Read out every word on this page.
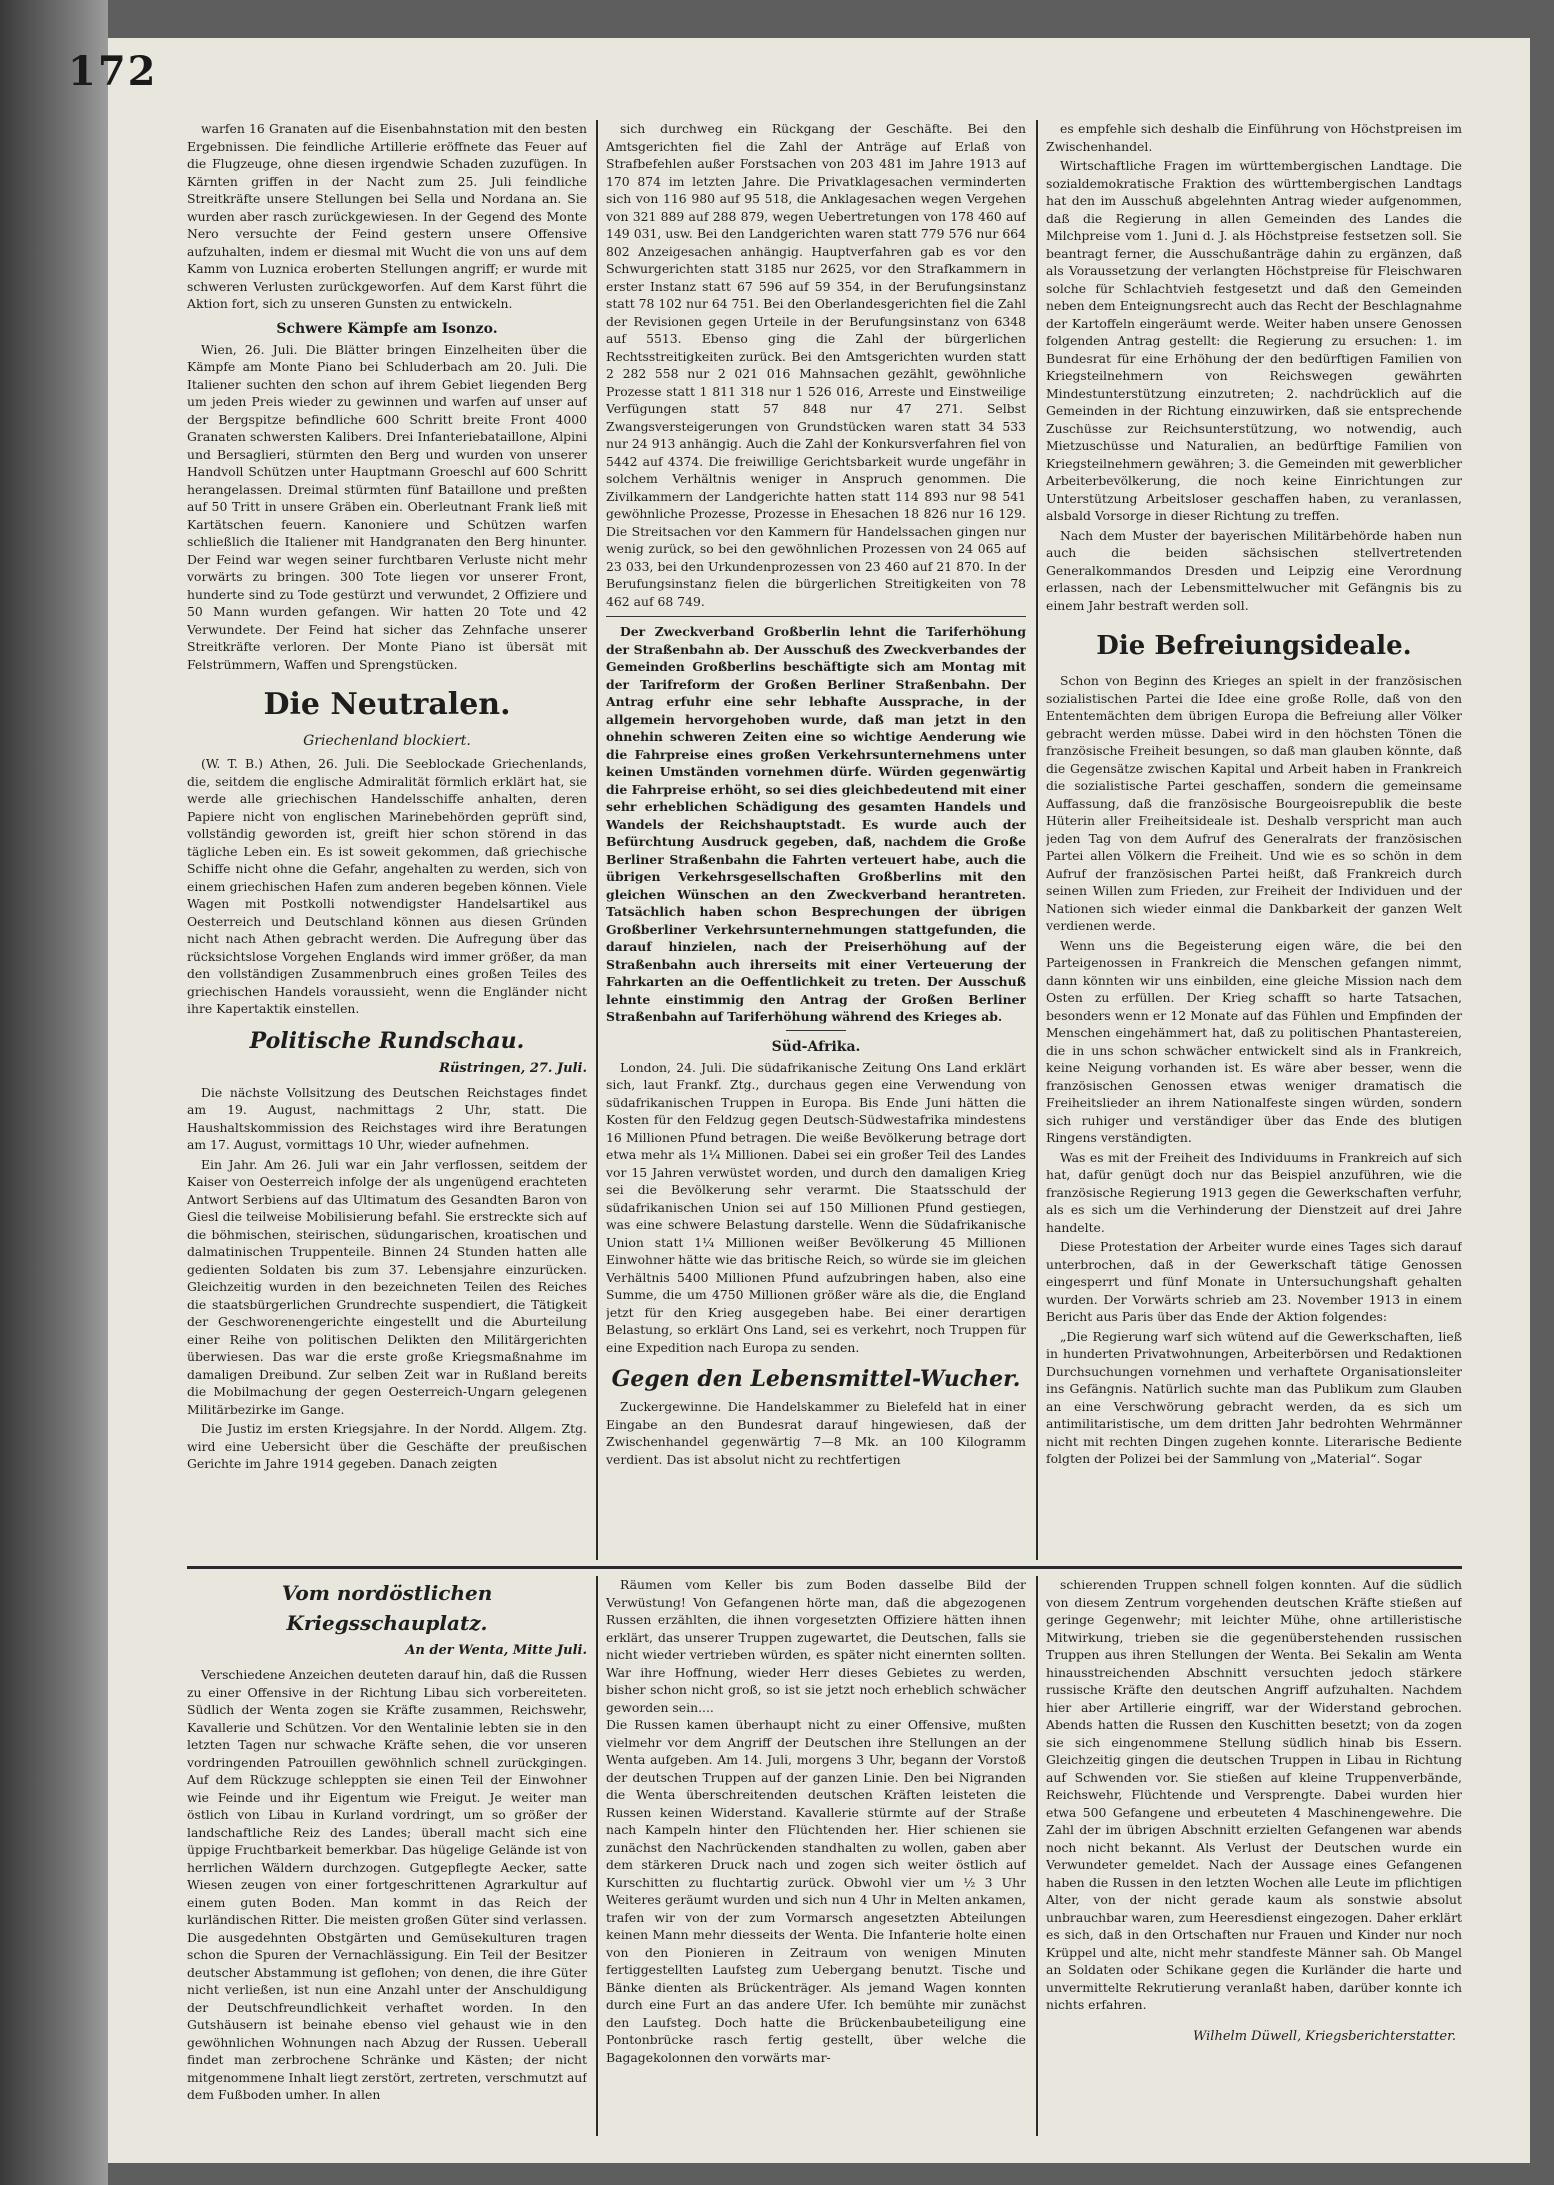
172

warfen 16 Granaten auf die Eisenbahnstation mit den besten Ergebnissen. Die feindliche Artillerie eröffnete das Feuer auf die Flugzeuge, ohne diesen irgendwie Schaden zuzufügen. In Kärnten griffen in der Nacht zum 25. Juli feindliche Streitkräfte unsere Stellungen bei Sella und Nordana an. Sie wurden aber rasch zurückgewiesen. In der Gegend des Monte Nero versuchte der Feind gestern unsere Offensive aufzuhalten, indem er diesmal mit Wucht die von uns auf dem Kamm von Luznica eroberten Stellungen angriff; er wurde mit schweren Verlusten zurückgeworfen. Auf dem Karst führt die Aktion fort, sich zu unseren Gunsten zu entwickeln.

Schwere Kämpfe am Isonzo.

Wien, 26. Juli. Die Blätter bringen Einzelheiten über die Kämpfe am Monte Piano bei Schluderbach am 20. Juli. Die Italiener suchten den schon auf ihrem Gebiet liegenden Berg um jeden Preis wieder zu gewinnen und warfen auf unser auf der Bergspitze befindliche 600 Schritt breite Front 4000 Granaten schwersten Kalibers. Drei Infanteriebataillone, Alpini und Bersaglieri, stürmten den Berg und wurden von unserer Handvoll Schützen unter Hauptmann Groeschl auf 600 Schritt herangelassen. Dreimal stürmten fünf Bataillone und preßten auf 50 Tritt in unsere Gräben ein. Oberleutnant Frank ließ mit Kartätschen feuern. Kanoniere und Schützen warfen schließlich die Italiener mit Handgranaten den Berg hinunter. Der Feind war wegen seiner furchtbaren Verluste nicht mehr vorwärts zu bringen. 300 Tote liegen vor unserer Front, hunderte sind zu Tode gestürzt und verwundet, 2 Offiziere und 50 Mann wurden gefangen. Wir hatten 20 Tote und 42 Verwundete. Der Feind hat sicher das Zehnfache unserer Streitkräfte verloren. Der Monte Piano ist übersät mit Felstrümmern, Waffen und Sprengstücken.

Die Neutralen.
Griechenland blockiert.

(W. T. B.) Athen, 26. Juli. Die Seeblockade Griechenlands, die, seitdem die englische Admiralität förmlich erklärt hat, sie werde alle griechischen Handelsschiffe anhalten, deren Papiere nicht von englischen Marinebehörden geprüft sind, vollständig geworden ist, greift hier schon störend in das tägliche Leben ein. Es ist soweit gekommen, daß griechische Schiffe nicht ohne die Gefahr, angehalten zu werden, sich von einem griechischen Hafen zum anderen begeben können. Viele Wagen mit Postkolli notwendigster Handelsartikel aus Oesterreich und Deutschland können aus diesen Gründen nicht nach Athen gebracht werden. Die Aufregung über das rücksichtslose Vorgehen Englands wird immer größer, da man den vollständigen Zusammenbruch eines großen Teiles des griechischen Handels voraussieht, wenn die Engländer nicht ihre Kapertaktik einstellen.

Politische Rundschau.
Rüstringen, 27. Juli.

Die nächste Vollsitzung des Deutschen Reichstages findet am 19. August, nachmittags 2 Uhr, statt. Die Haushaltskommission des Reichstages wird ihre Beratungen am 17. August, vormittags 10 Uhr, wieder aufnehmen.

Ein Jahr. Am 26. Juli war ein Jahr verflossen, seitdem der Kaiser von Oesterreich infolge der als ungenügend erachteten Antwort Serbiens auf das Ultimatum des Gesandten Baron von Giesl die teilweise Mobilisierung befahl. Sie erstreckte sich auf die böhmischen, steirischen, südungarischen, kroatischen und dalmatinischen Truppenteile. Binnen 24 Stunden hatten alle gedienten Soldaten bis zum 37. Lebensjahre einzurücken. Gleichzeitig wurden in den bezeichneten Teilen des Reiches die staatsbürgerlichen Grundrechte suspendiert, die Tätigkeit der Geschworenengerichte eingestellt und die Aburteilung einer Reihe von politischen Delikten den Militärgerichten überwiesen. Das war die erste große Kriegsmaßnahme im damaligen Dreibund. Zur selben Zeit war in Rußland bereits die Mobilmachung der gegen Oesterreich-Ungarn gelegenen Militärbezirke im Gange.

Die Justiz im ersten Kriegsjahre. In der Nordd. Allgem. Ztg. wird eine Uebersicht über die Geschäfte der preußischen Gerichte im Jahre 1914 gegeben. Danach zeigten

sich durchweg ein Rückgang der Geschäfte. Bei den Amtsgerichten fiel die Zahl der Anträge auf Erlaß von Strafbefehlen außer Forstsachen von 203 481 im Jahre 1913 auf 170 874 im letzten Jahre. Die Privatklagesachen verminderten sich von 116 980 auf 95 518, die Anklagesachen wegen Vergehen von 321 889 auf 288 879, wegen Uebertretungen von 178 460 auf 149 031, usw. Bei den Landgerichten waren statt 779 576 nur 664 802 Anzeigesachen anhängig. Hauptverfahren gab es vor den Schwurgerichten statt 3185 nur 2625, vor den Strafkammern in erster Instanz statt 67 596 auf 59 354, in der Berufungsinstanz statt 78 102 nur 64 751. Bei den Oberlandesgerichten fiel die Zahl der Revisionen gegen Urteile in der Berufungsinstanz von 6348 auf 5513. Ebenso ging die Zahl der bürgerlichen Rechtsstreitigkeiten zurück. Bei den Amtsgerichten wurden statt 2 282 558 nur 2 021 016 Mahnsachen gezählt, gewöhnliche Prozesse statt 1 811 318 nur 1 526 016, Arreste und Einstweilige Verfügungen statt 57 848 nur 47 271. Selbst Zwangsversteigerungen von Grundstücken waren statt 34 533 nur 24 913 anhängig. Auch die Zahl der Konkursverfahren fiel von 5442 auf 4374. Die freiwillige Gerichtsbarkeit wurde ungefähr in solchem Verhältnis weniger in Anspruch genommen. Die Zivilkammern der Landgerichte hatten statt 114 893 nur 98 541 gewöhnliche Prozesse, Prozesse in Ehesachen 18 826 nur 16 129. Die Streitsachen vor den Kammern für Handelssachen gingen nur wenig zurück, so bei den gewöhnlichen Prozessen von 24 065 auf 23 033, bei den Urkundenprozessen von 23 460 auf 21 870. In der Berufungsinstanz fielen die bürgerlichen Streitigkeiten von 78 462 auf 68 749.

Der Zweckverband Großberlin lehnt die Tariferhöhung der Straßenbahn ab. Der Ausschuß des Zweckverbandes der Gemeinden Großberlins beschäftigte sich am Montag mit der Tarifreform der Großen Berliner Straßenbahn. Der Antrag erfuhr eine sehr lebhafte Aussprache, in der allgemein hervorgehoben wurde, daß man jetzt in den ohnehin schweren Zeiten eine so wichtige Aenderung wie die Fahrpreise eines großen Verkehrsunternehmens unter keinen Umständen vornehmen dürfe. Würden gegenwärtig die Fahrpreise erhöht, so sei dies gleichbedeutend mit einer sehr erheblichen Schädigung des gesamten Handels und Wandels der Reichshauptstadt. Es wurde auch der Befürchtung Ausdruck gegeben, daß, nachdem die Große Berliner Straßenbahn die Fahrten verteuert habe, auch die übrigen Verkehrsgesellschaften Großberlins mit den gleichen Wünschen an den Zweckverband herantreten. Tatsächlich haben schon Besprechungen der übrigen Großberliner Verkehrsunternehmungen stattgefunden, die darauf hinzielen, nach der Preiserhöhung auf der Straßenbahn auch ihrerseits mit einer Verteuerung der Fahrkarten an die Oeffentlichkeit zu treten. Der Ausschuß lehnte einstimmig den Antrag der Großen Berliner Straßenbahn auf Tariferhöhung während des Krieges ab.

Süd-Afrika.

London, 24. Juli. Die südafrikanische Zeitung Ons Land erklärt sich, laut Frankf. Ztg., durchaus gegen eine Verwendung von südafrikanischen Truppen in Europa. Bis Ende Juni hätten die Kosten für den Feldzug gegen Deutsch-Südwestafrika mindestens 16 Millionen Pfund betragen. Die weiße Bevölkerung betrage dort etwa mehr als 1¼ Millionen. Dabei sei ein großer Teil des Landes vor 15 Jahren verwüstet worden, und durch den damaligen Krieg sei die Bevölkerung sehr verarmt. Die Staatsschuld der südafrikanischen Union sei auf 150 Millionen Pfund gestiegen, was eine schwere Belastung darstelle. Wenn die Südafrikanische Union statt 1¼ Millionen weißer Bevölkerung 45 Millionen Einwohner hätte wie das britische Reich, so würde sie im gleichen Verhältnis 5400 Millionen Pfund aufzubringen haben, also eine Summe, die um 4750 Millionen größer wäre als die, die England jetzt für den Krieg ausgegeben habe. Bei einer derartigen Belastung, so erklärt Ons Land, sei es verkehrt, noch Truppen für eine Expedition nach Europa zu senden.

Gegen den Lebensmittel-Wucher.

Zuckergewinne. Die Handelskammer zu Bielefeld hat in einer Eingabe an den Bundesrat darauf hingewiesen, daß der Zwischenhandel gegenwärtig 7—8 Mk. an 100 Kilogramm verdient. Das ist absolut nicht zu rechtfertigen

es empfehle sich deshalb die Einführung von Höchstpreisen im Zwischenhandel.

Wirtschaftliche Fragen im württembergischen Landtage. Die sozialdemokratische Fraktion des württembergischen Landtags hat den im Ausschuß abgelehnten Antrag wieder aufgenommen, daß die Regierung in allen Gemeinden des Landes die Milchpreise vom 1. Juni d. J. als Höchstpreise festsetzen soll. Sie beantragt ferner, die Ausschußanträge dahin zu ergänzen, daß als Voraussetzung der verlangten Höchstpreise für Fleischwaren solche für Schlachtvieh festgesetzt und daß den Gemeinden neben dem Enteignungsrecht auch das Recht der Beschlagnahme der Kartoffeln eingeräumt werde. Weiter haben unsere Genossen folgenden Antrag gestellt: die Regierung zu ersuchen: 1. im Bundesrat für eine Erhöhung der den bedürftigen Familien von Kriegsteilnehmern von Reichswegen gewährten Mindestunterstützung einzutreten; 2. nachdrücklich auf die Gemeinden in der Richtung einzuwirken, daß sie entsprechende Zuschüsse zur Reichsunterstützung, wo notwendig, auch Mietzuschüsse und Naturalien, an bedürftige Familien von Kriegsteilnehmern gewähren; 3. die Gemeinden mit gewerblicher Arbeiterbevölkerung, die noch keine Einrichtungen zur Unterstützung Arbeitsloser geschaffen haben, zu veranlassen, alsbald Vorsorge in dieser Richtung zu treffen.

Nach dem Muster der bayerischen Militärbehörde haben nun auch die beiden sächsischen stellvertretenden Generalkommandos Dresden und Leipzig eine Verordnung erlassen, nach der Lebensmittelwucher mit Gefängnis bis zu einem Jahr bestraft werden soll.

Die Befreiungsideale.

Schon von Beginn des Krieges an spielt in der französischen sozialistischen Partei die Idee eine große Rolle, daß von den Ententemächten dem übrigen Europa die Befreiung aller Völker gebracht werden müsse. Dabei wird in den höchsten Tönen die französische Freiheit besungen, so daß man glauben könnte, daß die Gegensätze zwischen Kapital und Arbeit haben in Frankreich die sozialistische Partei geschaffen, sondern die gemeinsame Auffassung, daß die französische Bourgeoisrepublik die beste Hüterin aller Freiheitsideale ist. Deshalb verspricht man auch jeden Tag von dem Aufruf des Generalrats der französischen Partei allen Völkern die Freiheit. Und wie es so schön in dem Aufruf der französischen Partei heißt, daß Frankreich durch seinen Willen zum Frieden, zur Freiheit der Individuen und der Nationen sich wieder einmal die Dankbarkeit der ganzen Welt verdienen werde.

Wenn uns die Begeisterung eigen wäre, die bei den Parteigenossen in Frankreich die Menschen gefangen nimmt, dann könnten wir uns einbilden, eine gleiche Mission nach dem Osten zu erfüllen. Der Krieg schafft so harte Tatsachen, besonders wenn er 12 Monate auf das Fühlen und Empfinden der Menschen eingehämmert hat, daß zu politischen Phantastereien, die in uns schon schwächer entwickelt sind als in Frankreich, keine Neigung vorhanden ist. Es wäre aber besser, wenn die französischen Genossen etwas weniger dramatisch die Freiheitslieder an ihrem Nationalfeste singen würden, sondern sich ruhiger und verständiger über das Ende des blutigen Ringens verständigten.

Was es mit der Freiheit des Individuums in Frankreich auf sich hat, dafür genügt doch nur das Beispiel anzuführen, wie die französische Regierung 1913 gegen die Gewerkschaften verfuhr, als es sich um die Verhinderung der Dienstzeit auf drei Jahre handelte.

Diese Protestation der Arbeiter wurde eines Tages sich darauf unterbrochen, daß in der Gewerkschaft tätige Genossen eingesperrt und fünf Monate in Untersuchungshaft gehalten wurden. Der Vorwärts schrieb am 23. November 1913 in einem Bericht aus Paris über das Ende der Aktion folgendes:

„Die Regierung warf sich wütend auf die Gewerkschaften, ließ in hunderten Privatwohnungen, Arbeiterbörsen und Redaktionen Durchsuchungen vornehmen und verhaftete Organisationsleiter ins Gefängnis. Natürlich suchte man das Publikum zum Glauben an eine Verschwörung gebracht werden, da es sich um antimilitaristische, um dem dritten Jahr bedrohten Wehrmänner nicht mit rechten Dingen zugehen konnte. Literarische Bediente folgten der Polizei bei der Sammlung von „Material“. Sogar

Vom nordöstlichen Kriegsschauplatz.
An der Wenta, Mitte Juli.

Verschiedene Anzeichen deuteten darauf hin, daß die Russen zu einer Offensive in der Richtung Libau sich vorbereiteten. Südlich der Wenta zogen sie Kräfte zusammen, Reichswehr, Kavallerie und Schützen. Vor den Wentalinie lebten sie in den letzten Tagen nur schwache Kräfte sehen, die vor unseren vordringenden Patrouillen gewöhnlich schnell zurückgingen. Auf dem Rückzuge schleppten sie einen Teil der Einwohner wie Feinde und ihr Eigentum wie Freigut. Je weiter man östlich von Libau in Kurland vordringt, um so größer der landschaftliche Reiz des Landes; überall macht sich eine üppige Fruchtbarkeit bemerkbar. Das hügelige Gelände ist von herrlichen Wäldern durchzogen. Gutgepflegte Aecker, satte Wiesen zeugen von einer fortgeschrittenen Agrarkultur auf einem guten Boden. Man kommt in das Reich der kurländischen Ritter. Die meisten großen Güter sind verlassen. Die ausgedehnten Obstgärten und Gemüsekulturen tragen schon die Spuren der Vernachlässigung. Ein Teil der Besitzer deutscher Abstammung ist geflohen; von denen, die ihre Güter nicht verließen, ist nun eine Anzahl unter der Anschuldigung der Deutschfreundlichkeit verhaftet worden. In den Gutshäusern ist beinahe ebenso viel gehaust wie in den gewöhnlichen Wohnungen nach Abzug der Russen. Ueberall findet man zerbrochene Schränke und Kästen; der nicht mitgenommene Inhalt liegt zerstört, zertreten, verschmutzt auf dem Fußboden umher. In allen

Räumen vom Keller bis zum Boden dasselbe Bild der Verwüstung! Von Gefangenen hörte man, daß die abgezogenen Russen erzählten, die ihnen vorgesetzten Offiziere hätten ihnen erklärt, das unserer Truppen zugewartet, die Deutschen, falls sie nicht wieder vertrieben würden, es später nicht einernten sollten. War ihre Hoffnung, wieder Herr dieses Gebietes zu werden, bisher schon nicht groß, so ist sie jetzt noch erheblich schwächer geworden sein....
Die Russen kamen überhaupt nicht zu einer Offensive, mußten vielmehr vor dem Angriff der Deutschen ihre Stellungen an der Wenta aufgeben. Am 14. Juli, morgens 3 Uhr, begann der Vorstoß der deutschen Truppen auf der ganzen Linie. Den bei Nigranden die Wenta überschreitenden deutschen Kräften leisteten die Russen keinen Widerstand. Kavallerie stürmte auf der Straße nach Kampeln hinter den Flüchtenden her. Hier schienen sie zunächst den Nachrückenden standhalten zu wollen, gaben aber dem stärkeren Druck nach und zogen sich weiter östlich auf Kurschitten zu fluchtartig zurück. Obwohl vier um ½ 3 Uhr Weiteres geräumt wurden und sich nun 4 Uhr in Melten ankamen, trafen wir von der zum Vormarsch angesetzten Abteilungen keinen Mann mehr diesseits der Wenta. Die Infanterie holte einen von den Pionieren in Zeitraum von wenigen Minuten fertiggestellten Laufsteg zum Uebergang benutzt. Tische und Bänke dienten als Brückenträger. Als jemand Wagen konnten durch eine Furt an das andere Ufer. Ich bemühte mir zunächst den Laufsteg. Doch hatte die Brückenbaubeteiligung eine Pontonbrücke rasch fertig gestellt, über welche die Bagagekolonnen den vorwärts mar-

schierenden Truppen schnell folgen konnten. Auf die südlich von diesem Zentrum vorgehenden deutschen Kräfte stießen auf geringe Gegenwehr; mit leichter Mühe, ohne artilleristische Mitwirkung, trieben sie die gegenüberstehenden russischen Truppen aus ihren Stellungen der Wenta. Bei Sekalin am Wenta hinausstreichenden Abschnitt versuchten jedoch stärkere russische Kräfte den deutschen Angriff aufzuhalten. Nachdem hier aber Artillerie eingriff, war der Widerstand gebrochen. Abends hatten die Russen den Kuschitten besetzt; von da zogen sie sich eingenommene Stellung südlich hinab bis Essern. Gleichzeitig gingen die deutschen Truppen in Libau in Richtung auf Schwenden vor. Sie stießen auf kleine Truppenverbände, Reichswehr, Flüchtende und Versprengte. Dabei wurden hier etwa 500 Gefangene und erbeuteten 4 Maschinengewehre. Die Zahl der im übrigen Abschnitt erzielten Gefangenen war abends noch nicht bekannt. Als Verlust der Deutschen wurde ein Verwundeter gemeldet. Nach der Aussage eines Gefangenen haben die Russen in den letzten Wochen alle Leute im pflichtigen Alter, von der nicht gerade kaum als sonstwie absolut unbrauchbar waren, zum Heeresdienst eingezogen. Daher erklärt es sich, daß in den Ortschaften nur Frauen und Kinder nur noch Krüppel und alte, nicht mehr standfeste Männer sah. Ob Mangel an Soldaten oder Schikane gegen die Kurländer die harte und unvermittelte Rekrutierung veranlaßt haben, darüber konnte ich nichts erfahren.

Wilhelm Düwell, Kriegsberichterstatter.
